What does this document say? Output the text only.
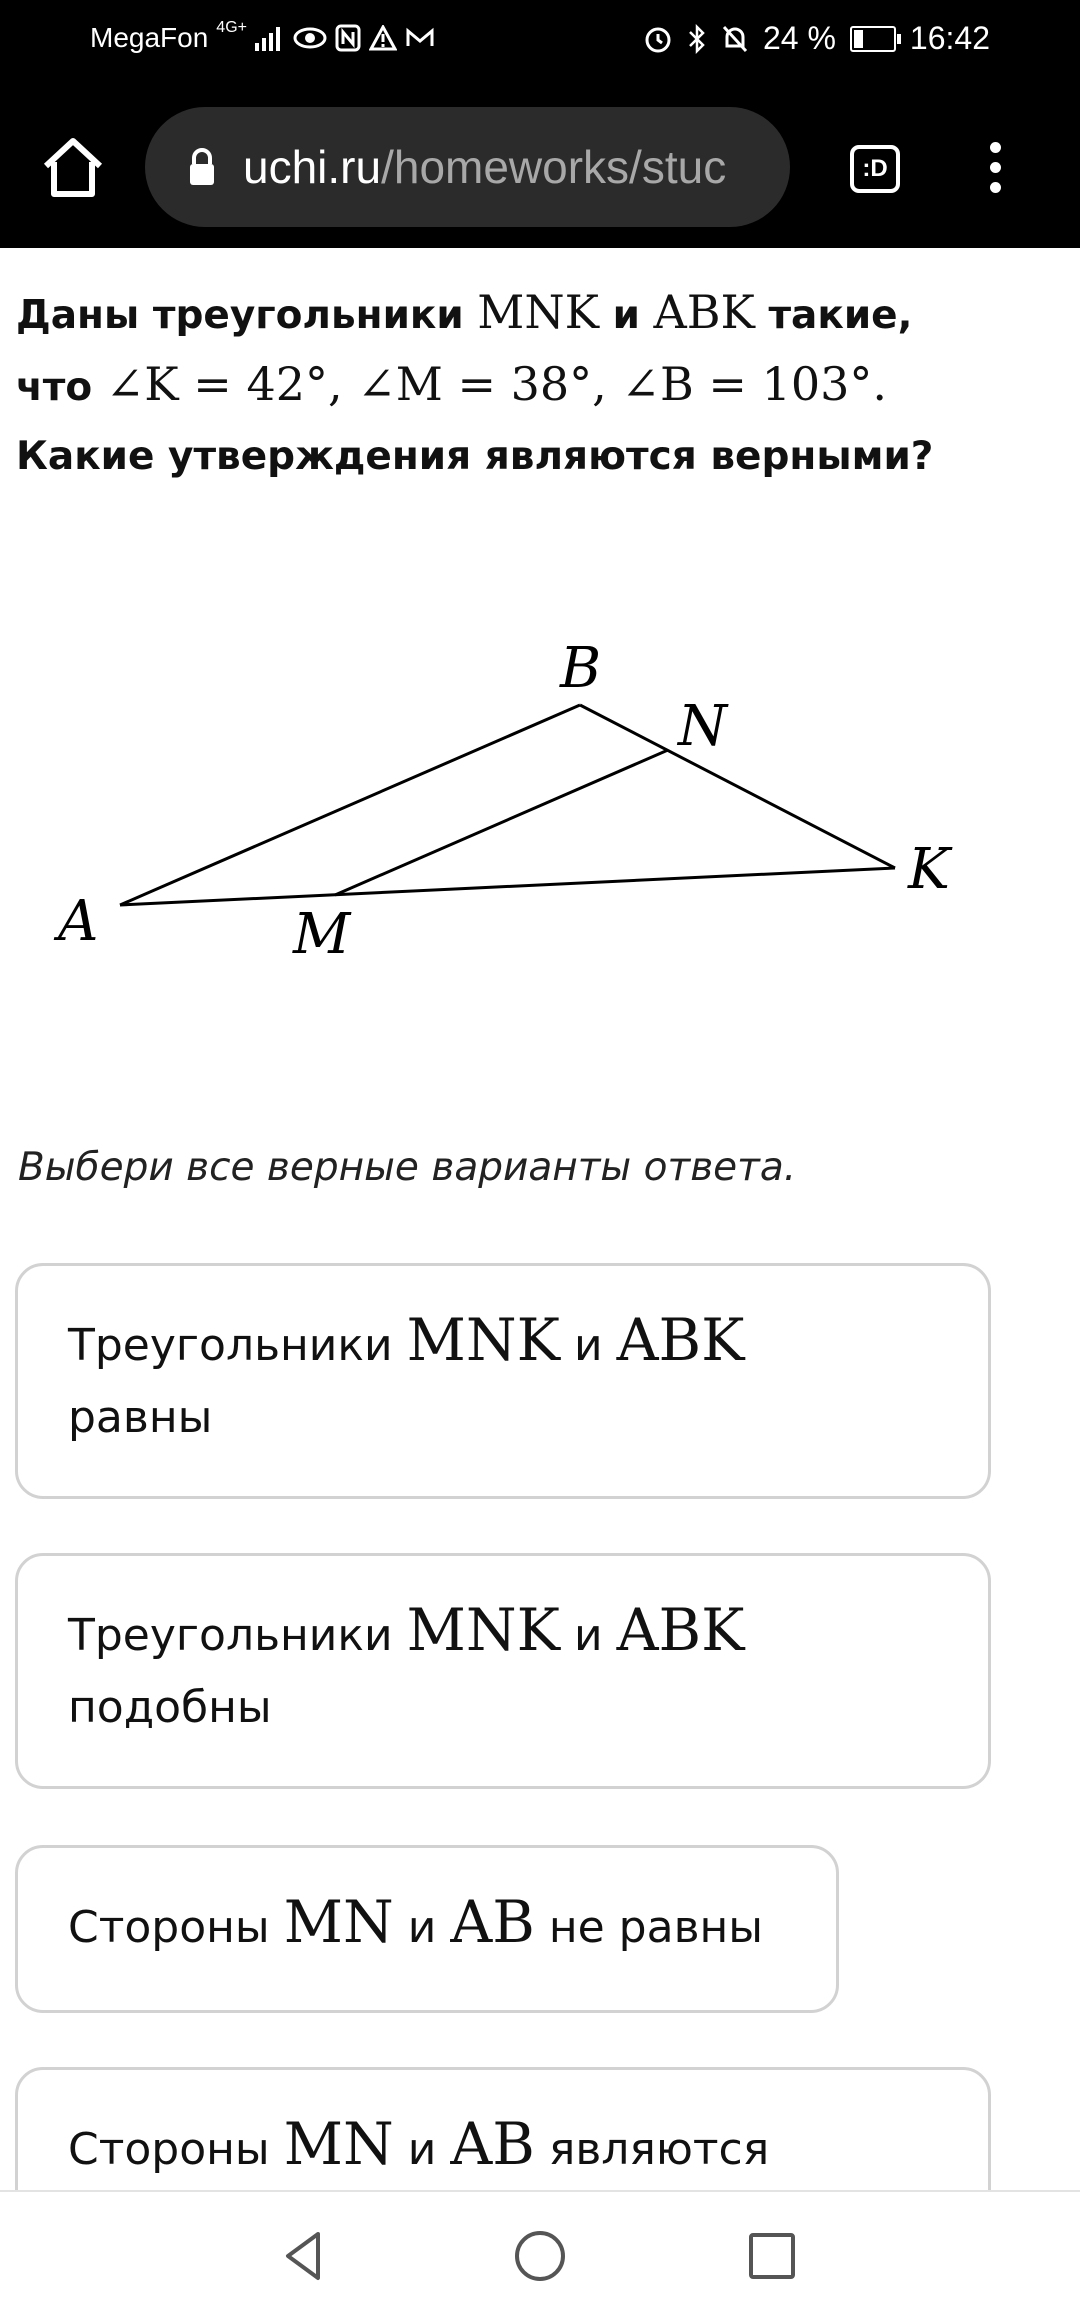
MegaFon 4G+	24 % 16:42
uchi.ru/homeworks/stuc	:D
Даны треугольники MNK и ABK такие,
что ∠K = 42°, ∠M = 38°, ∠B = 103°.
Какие утверждения являются верными?
B
N
K
A	M
Выбери все верные варианты ответа.
Треугольники MNK и ABK
равны
Треугольники MNK и ABK
подобны
Стороны MN и AB не равны
Стороны MN и AB являются
